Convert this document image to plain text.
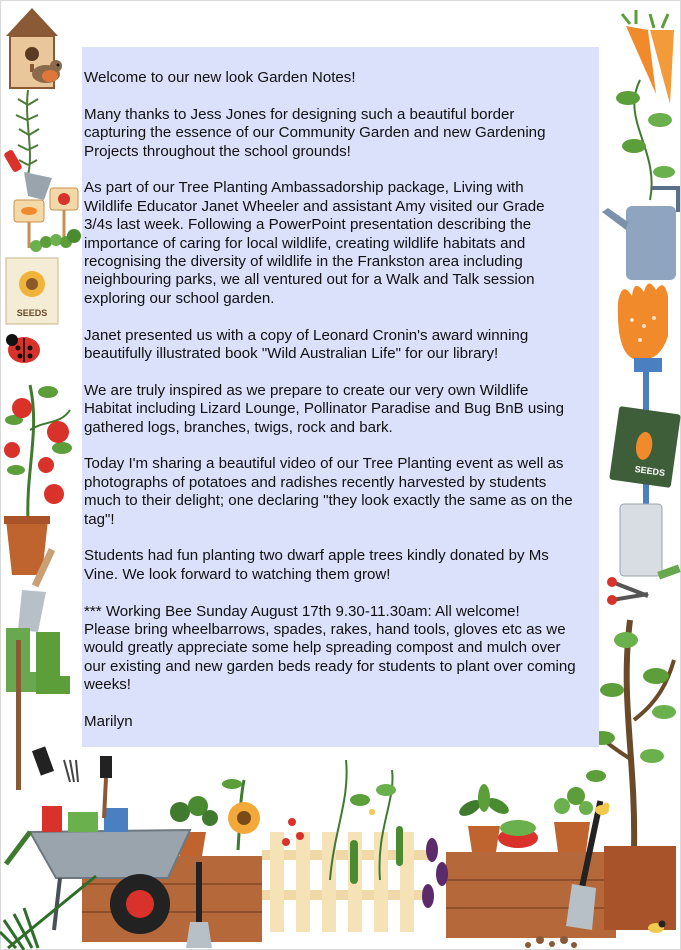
SEEDS
SEEDS

Welcome to our new look Garden Notes!

Many thanks to Jess Jones for designing such a beautiful border
capturing the essence of our Community Garden and new Gardening
Projects throughout the school grounds!

As part of our Tree Planting Ambassadorship package, Living with
Wildlife Educator Janet Wheeler and assistant Amy visited our Grade
3/4s last week. Following a PowerPoint presentation describing the
importance of caring for local wildlife, creating wildlife habitats and
recognising the diversity of wildlife in the Frankston area including
neighbouring parks, we all ventured out for a Walk and Talk session
exploring our school garden.

Janet presented us with a copy of Leonard Cronin's award winning
beautifully illustrated book "Wild Australian Life" for our library!

We are truly inspired as we prepare to create our very own Wildlife
Habitat including Lizard Lounge, Pollinator Paradise and Bug BnB using
gathered logs, branches, twigs, rock and bark.

Today I'm sharing a beautiful video of our Tree Planting event as well as
photographs of potatoes and radishes recently harvested by students
much to their delight; one declaring "they look exactly the same as on the
tag"!

Students had fun planting two dwarf apple trees kindly donated by Ms
Vine. We look forward to watching them grow!

*** Working Bee Sunday August 17th 9.30-11.30am: All welcome!
Please bring wheelbarrows, spades, rakes, hand tools, gloves etc as we
would greatly appreciate some help spreading compost and mulch over
our existing and new garden beds ready for students to plant over coming
weeks!

Marilyn
